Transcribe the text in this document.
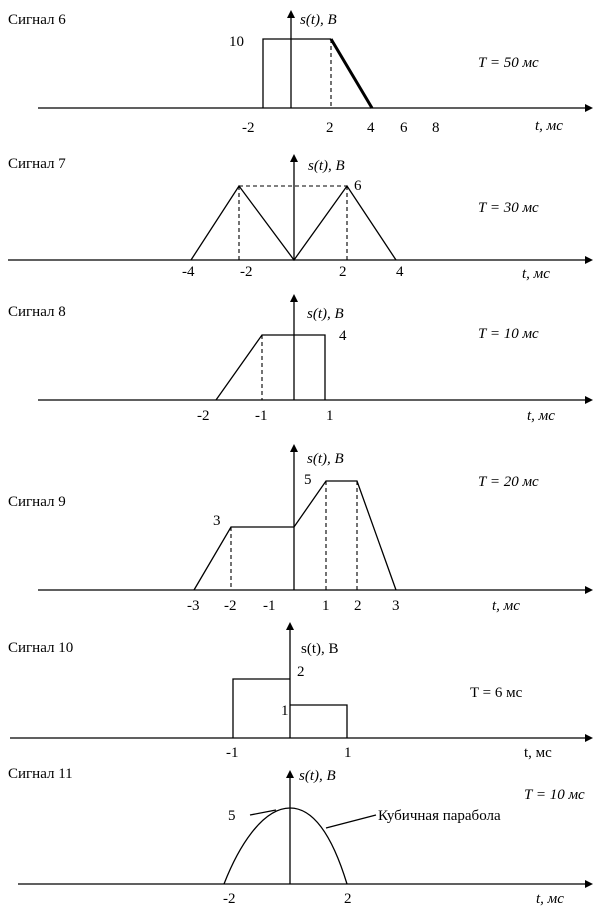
Сигнал 6	s(t), В
t, мс
T = 50 мс
10
-2	2 4 6 8
Сигнал 7	s(t), В
t, мс
T = 30 мс
6
-4	-2	2	4
Сигнал 8	s(t), В
t, мс
T = 10 мс
4
-2	-1	1
Сигнал 9
s(t), В
t, мс
T = 20 мс
3
5
-3 -2 -1	1 2 3
Сигнал 10	s(t), В
t, мс
T = 6 мс
2
1
-1	1
Сигнал 11	s(t), В
t, мс
T = 10 мс
5	Кубичная парабола
-2	2
